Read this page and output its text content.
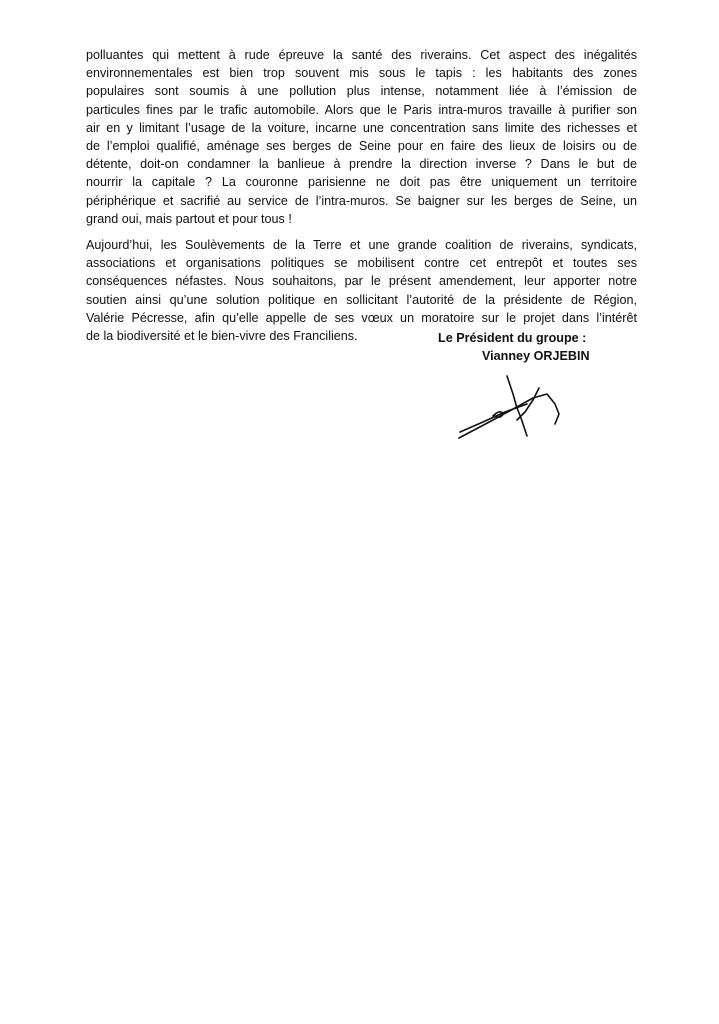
polluantes qui mettent à rude épreuve la santé des riverains. Cet aspect des inégalités
environnementales est bien trop souvent mis sous le tapis : les habitants des zones
populaires sont soumis à une pollution plus intense, notamment liée à l’émission de
particules fines par le trafic automobile. Alors que le Paris intra-muros travaille à purifier son
air en y limitant l’usage de la voiture, incarne une concentration sans limite des richesses et
de l’emploi qualifié, aménage ses berges de Seine pour en faire des lieux de loisirs ou de
détente, doit-on condamner la banlieue à prendre la direction inverse ? Dans le but de
nourrir la capitale ? La couronne parisienne ne doit pas être uniquement un territoire
périphérique et sacrifié au service de l’intra-muros. Se baigner sur les berges de Seine, un
grand oui, mais partout et pour tous !

Aujourd’hui, les Soulèvements de la Terre et une grande coalition de riverains, syndicats,
associations et organisations politiques se mobilisent contre cet entrepôt et toutes ses
conséquences néfastes. Nous souhaitons, par le présent amendement, leur apporter notre
soutien ainsi qu’une solution politique en sollicitant l’autorité de la présidente de Région,
Valérie Pécresse, afin qu’elle appelle de ses vœux un moratoire sur le projet dans l’intérêt
de la biodiversité et le bien-vivre des Franciliens.	Le Président du groupe :
Vianney ORJEBIN
